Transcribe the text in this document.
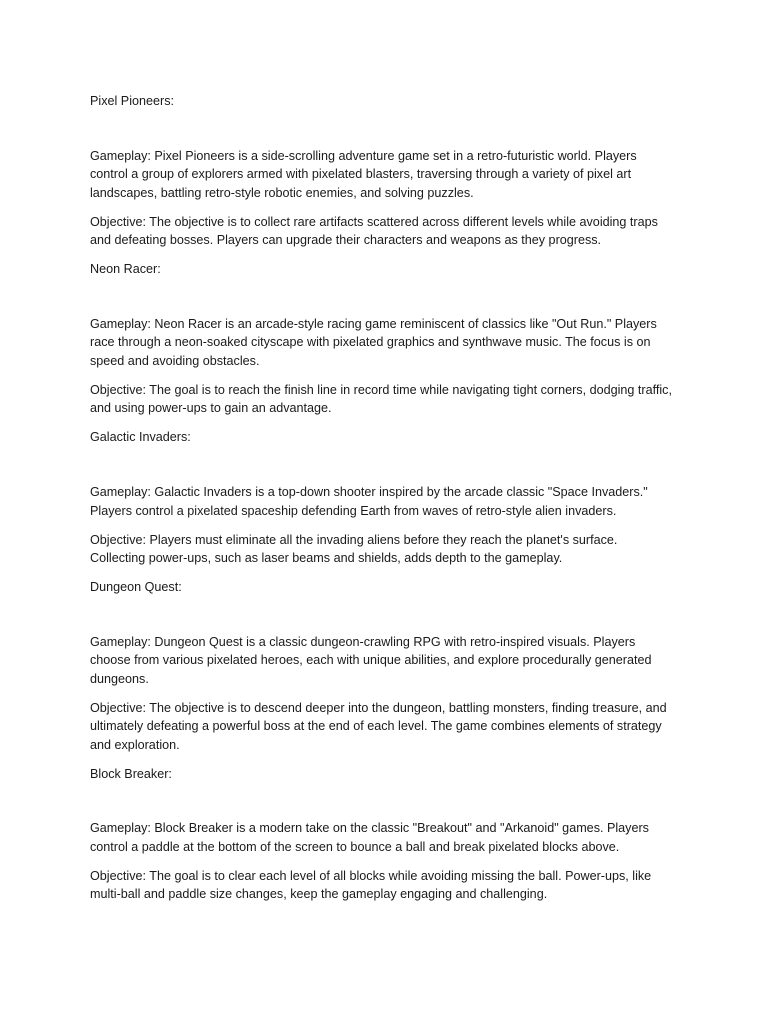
Pixel Pioneers:

Gameplay: Pixel Pioneers is a side-scrolling adventure game set in a retro-futuristic world. Players control a group of explorers armed with pixelated blasters, traversing through a variety of pixel art landscapes, battling retro-style robotic enemies, and solving puzzles.

Objective: The objective is to collect rare artifacts scattered across different levels while avoiding traps and defeating bosses. Players can upgrade their characters and weapons as they progress.

Neon Racer:

Gameplay: Neon Racer is an arcade-style racing game reminiscent of classics like "Out Run." Players race through a neon-soaked cityscape with pixelated graphics and synthwave music. The focus is on speed and avoiding obstacles.

Objective: The goal is to reach the finish line in record time while navigating tight corners, dodging traffic, and using power-ups to gain an advantage.

Galactic Invaders:

Gameplay: Galactic Invaders is a top-down shooter inspired by the arcade classic "Space Invaders." Players control a pixelated spaceship defending Earth from waves of retro-style alien invaders.

Objective: Players must eliminate all the invading aliens before they reach the planet's surface. Collecting power-ups, such as laser beams and shields, adds depth to the gameplay.

Dungeon Quest:

Gameplay: Dungeon Quest is a classic dungeon-crawling RPG with retro-inspired visuals. Players choose from various pixelated heroes, each with unique abilities, and explore procedurally generated dungeons.

Objective: The objective is to descend deeper into the dungeon, battling monsters, finding treasure, and ultimately defeating a powerful boss at the end of each level. The game combines elements of strategy and exploration.

Block Breaker:

Gameplay: Block Breaker is a modern take on the classic "Breakout" and "Arkanoid" games. Players control a paddle at the bottom of the screen to bounce a ball and break pixelated blocks above.

Objective: The goal is to clear each level of all blocks while avoiding missing the ball. Power-ups, like multi-ball and paddle size changes, keep the gameplay engaging and challenging.
